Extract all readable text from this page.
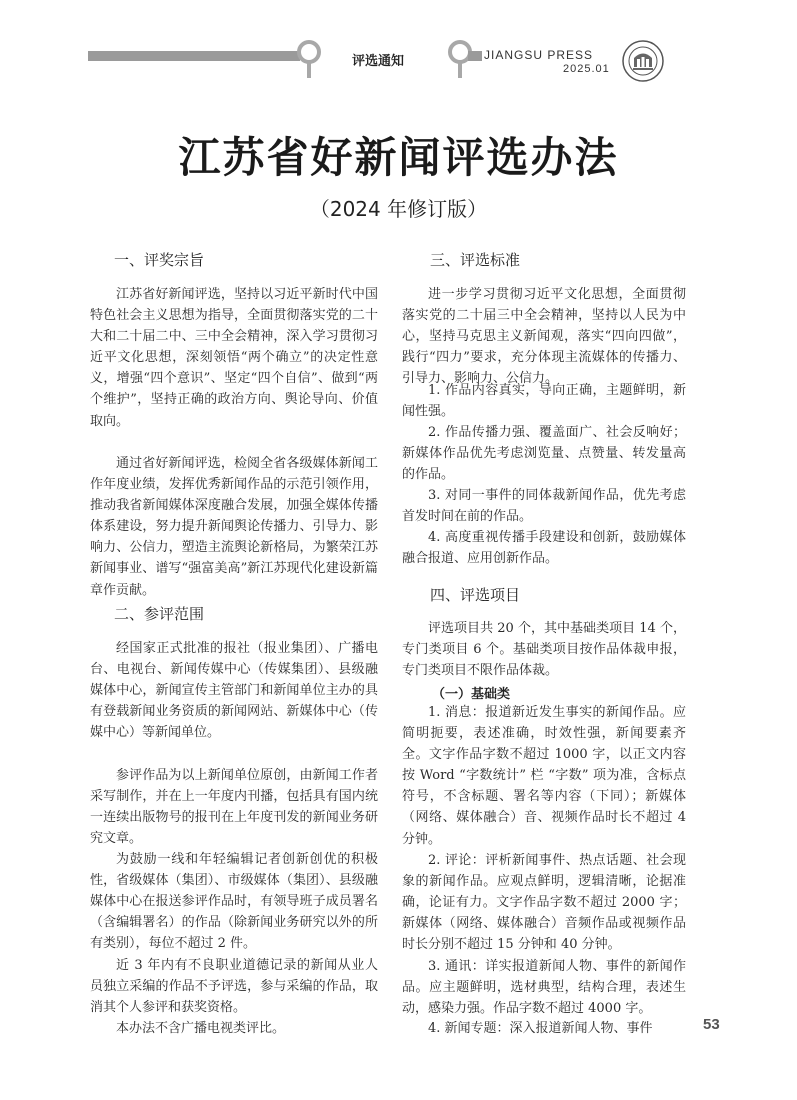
评选通知	JIANGSU PRESS
2025.01
江苏省好新闻评选办法
（2024 年修订版）
一、评奖宗旨
江苏省好新闻评选，坚持以习近平新时代中国特色社会主义思想为指导，全面贯彻落实党的二十大和二十届二中、三中全会精神，深入学习贯彻习近平文化思想，深刻领悟“两个确立”的决定性意义，增强“四个意识”、坚定“四个自信”、做到“两个维护”，坚持正确的政治方向、舆论导向、价值取向。
通过省好新闻评选，检阅全省各级媒体新闻工作年度业绩，发挥优秀新闻作品的示范引领作用，推动我省新闻媒体深度融合发展，加强全媒体传播体系建设，努力提升新闻舆论传播力、引导力、影响力、公信力，塑造主流舆论新格局，为繁荣江苏新闻事业、谱写“强富美高”新江苏现代化建设新篇章作贡献。
二、参评范围
经国家正式批准的报社（报业集团）、广播电台、电视台、新闻传媒中心（传媒集团）、县级融媒体中心，新闻宣传主管部门和新闻单位主办的具有登载新闻业务资质的新闻网站、新媒体中心（传媒中心）等新闻单位。
参评作品为以上新闻单位原创，由新闻工作者采写制作，并在上一年度内刊播，包括具有国内统一连续出版物号的报刊在上年度刊发的新闻业务研究文章。
为鼓励一线和年轻编辑记者创新创优的积极性，省级媒体（集团）、市级媒体（集团）、县级融媒体中心在报送参评作品时，有领导班子成员署名（含编辑署名）的作品（除新闻业务研究以外的所有类别），每位不超过 2 件。
近 3 年内有不良职业道德记录的新闻从业人员独立采编的作品不予评选，参与采编的作品，取消其个人参评和获奖资格。
本办法不含广播电视类评比。
三、评选标准
进一步学习贯彻习近平文化思想，全面贯彻落实党的二十届三中全会精神，坚持以人民为中心，坚持马克思主义新闻观，落实“四向四做”，践行“四力”要求，充分体现主流媒体的传播力、引导力、影响力、公信力。
1. 作品内容真实，导向正确，主题鲜明，新闻性强。
2. 作品传播力强、覆盖面广、社会反响好；新媒体作品优先考虑浏览量、点赞量、转发量高的作品。
3. 对同一事件的同体裁新闻作品，优先考虑首发时间在前的作品。
4. 高度重视传播手段建设和创新，鼓励媒体融合报道、应用创新作品。
四、评选项目
评选项目共 20 个，其中基础类项目 14 个，专门类项目 6 个。基础类项目按作品体裁申报，专门类项目不限作品体裁。
（一）基础类
1. 消息：报道新近发生事实的新闻作品。应简明扼要，表述准确，时效性强，新闻要素齐全。文字作品字数不超过 1000 字，以正文内容按 Word “字数统计” 栏 “字数” 项为准，含标点符号，不含标题、署名等内容（下同）；新媒体（网络、媒体融合）音、视频作品时长不超过 4 分钟。
2. 评论：评析新闻事件、热点话题、社会现象的新闻作品。应观点鲜明，逻辑清晰，论据准确，论证有力。文字作品字数不超过 2000 字；新媒体（网络、媒体融合）音频作品或视频作品时长分别不超过 15 分钟和 40 分钟。
3. 通讯：详实报道新闻人物、事件的新闻作品。应主题鲜明，选材典型，结构合理，表述生动，感染力强。作品字数不超过 4000 字。
4. 新闻专题：深入报道新闻人物、事件	53
